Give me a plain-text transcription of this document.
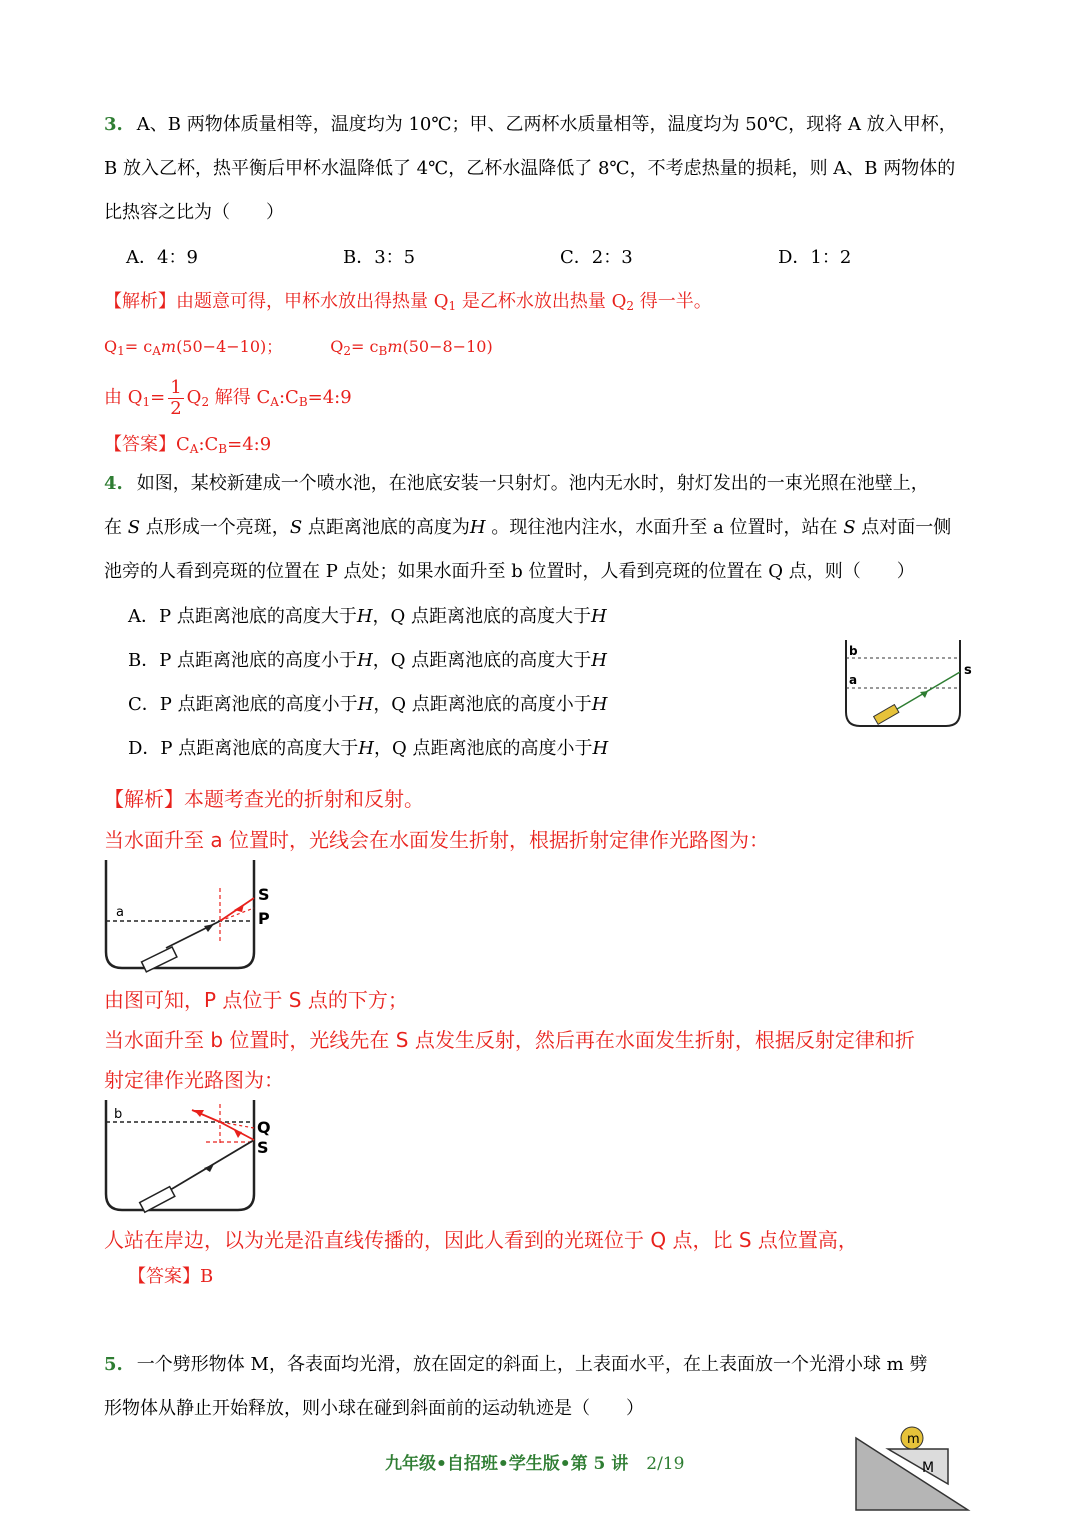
3. A、B 两物体质量相等，温度均为 10℃；甲、乙两杯水质量相等，温度均为 50℃，现将 A 放入甲杯，
B 放入乙杯，热平衡后甲杯水温降低了 4℃，乙杯水温降低了 8℃，不考虑热量的损耗，则 A、B 两物体的
比热容之比为（　　）
A．4：9	B．3：5	C．2：3	D．1：2
【解析】由题意可得，甲杯水放出得热量 $Q_1$ 是乙杯水放出热量 $Q_2$ 得一半。
$Q_1= c_Am(50-4-10)$；	$Q_2= c_Bm(50-8-10)$
由 $Q_1= \frac{1}{2} Q_2$ 解得 $C_A:C_B=4:9$
【答案】$C_A:C_B=4:9$
4. 如图，某校新建成一个喷水池，在池底安装一只射灯。池内无水时，射灯发出的一束光照在池壁上，
在 S 点形成一个亮斑，S 点距离池底的高度为H 。现往池内注水，水面升至 a 位置时，站在 S 点对面一侧
池旁的人看到亮斑的位置在 P 点处；如果水面升至 b 位置时，人看到亮斑的位置在 Q 点，则（　　）
A．P 点距离池底的高度大于H，Q 点距离池底的高度大于H
B．P 点距离池底的高度小于H，Q 点距离池底的高度大于H
C．P 点距离池底的高度小于H，Q 点距离池底的高度小于H
D．P 点距离池底的高度大于H，Q 点距离池底的高度小于H
b
a
s
【解析】本题考查光的折射和反射。
当水面升至 a 位置时，光线会在水面发生折射，根据折射定律作光路图为：
a
S
P
由图可知，P 点位于 S 点的下方；
当水面升至 b 位置时，光线先在 S 点发生反射，然后再在水面发生折射，根据反射定律和折
射定律作光路图为：
b
Q
S
人站在岸边，以为光是沿直线传播的，因此人看到的光斑位于 Q 点，比 S 点位置高，
【答案】B
5. 一个劈形物体 M，各表面均光滑，放在固定的斜面上，上表面水平，在上表面放一个光滑小球 m 劈
形物体从静止开始释放，则小球在碰到斜面前的运动轨迹是（　　）
m
M
九年级•自招班•学生版•第 5 讲 2/19
